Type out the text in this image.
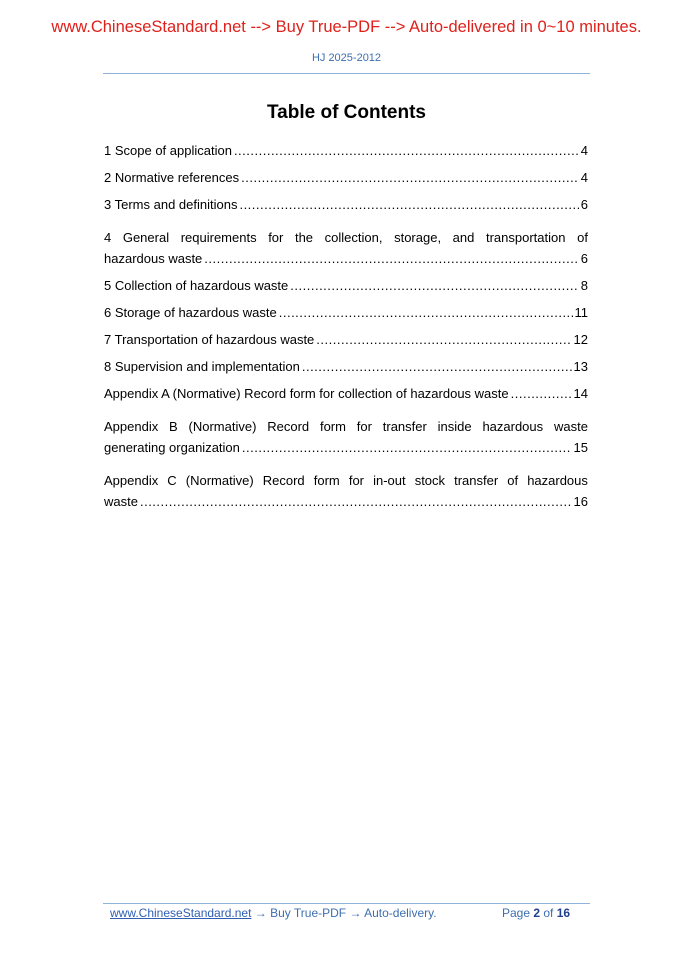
www.ChineseStandard.net --> Buy True-PDF --> Auto-delivered in 0~10 minutes.
HJ 2025-2012
Table of Contents
1 Scope of application .....	4
2 Normative references .....	4
3 Terms and definitions .....	6
4 General requirements for the collection, storage, and transportation of
hazardous waste .....	6
5 Collection of hazardous waste .....	8
6 Storage of hazardous waste .....	11
7 Transportation of hazardous waste .....	12
8 Supervision and implementation .....	13
Appendix A (Normative) Record form for collection of hazardous waste .....	14
Appendix B (Normative) Record form for transfer inside hazardous waste
generating organization .....	15
Appendix C (Normative) Record form for in-out stock transfer of hazardous
waste .....	16
www.ChineseStandard.net → Buy True-PDF → Auto-delivery.	Page 2 of 16
